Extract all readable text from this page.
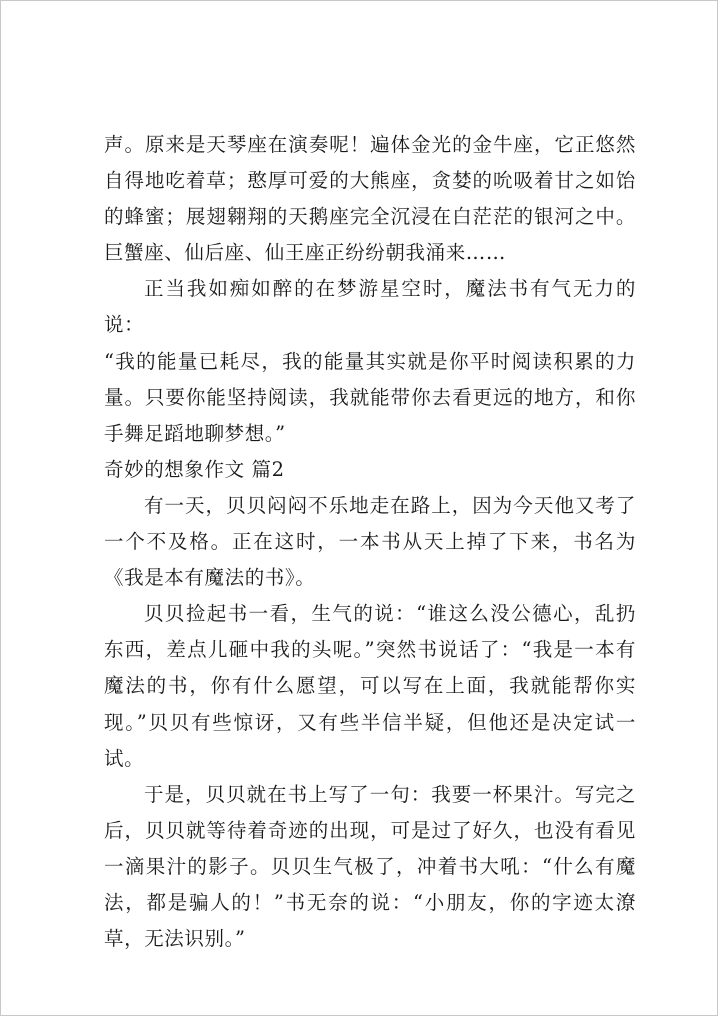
声。原来是天琴座在演奏呢！遍体金光的金牛座，它正悠然自得地吃着草；憨厚可爱的大熊座，贪婪的吮吸着甘之如饴的蜂蜜；展翅翱翔的天鹅座完全沉浸在白茫茫的银河之中。巨蟹座、仙后座、仙王座正纷纷朝我涌来……

正当我如痴如醉的在梦游星空时，魔法书有气无力的说：

“我的能量已耗尽，我的能量其实就是你平时阅读积累的力量。只要你能坚持阅读，我就能带你去看更远的地方，和你手舞足蹈地聊梦想。”

奇妙的想象作文 篇2

有一天，贝贝闷闷不乐地走在路上，因为今天他又考了一个不及格。正在这时，一本书从天上掉了下来，书名为《我是本有魔法的书》。

贝贝捡起书一看，生气的说：“谁这么没公德心，乱扔东西，差点儿砸中我的头呢。”突然书说话了：“我是一本有魔法的书，你有什么愿望，可以写在上面，我就能帮你实现。”贝贝有些惊讶，又有些半信半疑，但他还是决定试一试。

于是，贝贝就在书上写了一句：我要一杯果汁。写完之后，贝贝就等待着奇迹的出现，可是过了好久，也没有看见一滴果汁的影子。贝贝生气极了，冲着书大吼：“什么有魔法，都是骗人的！”书无奈的说：“小朋友，你的字迹太潦草，无法识别。”
